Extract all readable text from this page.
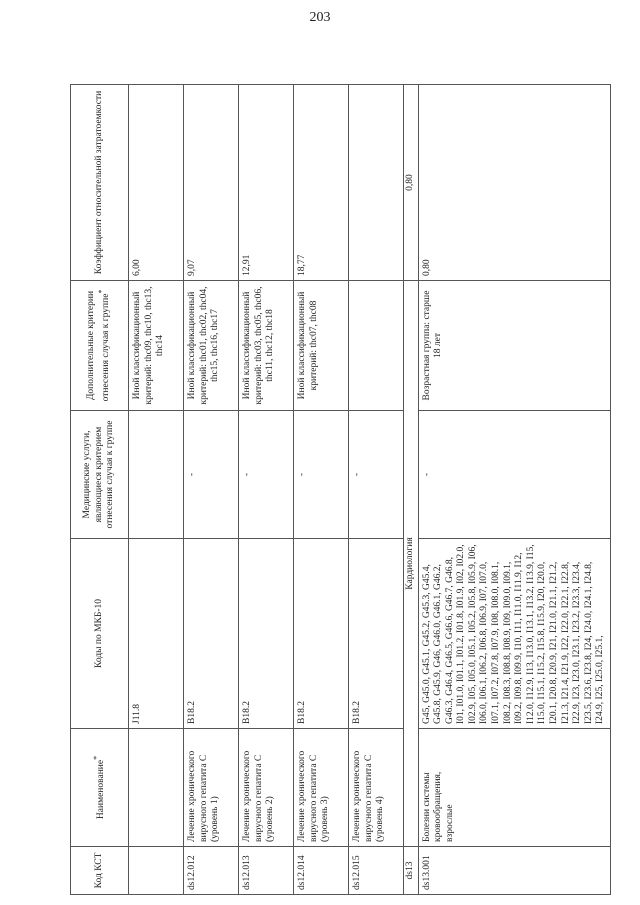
203
Код КСТ	Наименование*	Коды по МКБ-10	Медицинские услуги, являющиеся критерием отнесения случая к группе	Дополнительные критерии отнесения случая к группе*	Коэффициент относительной затратоемкости
		J11.8		Иной классификационный критерий: thc09, thc10, thc13, thc14	6,00
ds12.012	Лечение хронического вирусного гепатита С (уровень 1)	В18.2	-	Иной классификационный критерий: thc01, thc02, thc04, thc15, thc16, thc17	9,07
ds12.013	Лечение хронического вирусного гепатита С (уровень 2)	В18.2	-	Иной классификационный критерий: thc03, thc05, thc06, thc11, thc12, thc18	12,91
ds12.014	Лечение хронического вирусного гепатита С (уровень 3)	В18.2	-	Иной классификационный критерий: thc07, thc08	18,77
ds12.015	Лечение хронического вирусного гепатита С (уровень 4)	В18.2	-		
ds13	Кардиология				0,80
ds13.001	Болезни системы кровообращения, взрослые	G45, G45.0, G45.1, G45.2, G45.3, G45.4, G45.8, G45.9, G46, G46.0, G46.1, G46.2, G46.3, G46.4, G46.5, G46.6, G46.7, G46.8, I01, I01.0, I01.1, I01.2, I01.8, I01.9, I02, I02.0, I02.9, I05, I05.0, I05.1, I05.2, I05.8, I05.9, I06, I06.0, I06.1, I06.2, I06.8, I06.9, I07, I07.0, I07.1, I07.2, I07.8, I07.9, I08, I08.0, I08.1, I08.2, I08.3, I08.8, I08.9, I09, I09.0, I09.1, I09.2, I09.8, I09.9, I10, I11, I11.0, I11.9, I12, I12.0, I12.9, I13, I13.0, I13.1, I13.2, I13.9, I15, I15.0, I15.1, I15.2, I15.8, I15.9, I20, I20.0, I20.1, I20.8, I20.9, I21, I21.0, I21.1, I21.2, I21.3, I21.4, I21.9, I22, I22.0, I22.1, I22.8, I22.9, I23, I23.0, I23.1, I23.2, I23.3, I23.4, I23.5, I23.6, I23.8, I24, I24.0, I24.1, I24.8, I24.9, I25, I25.0, I25.1,	-	Возрастная группа: старше 18 лет	0,80
